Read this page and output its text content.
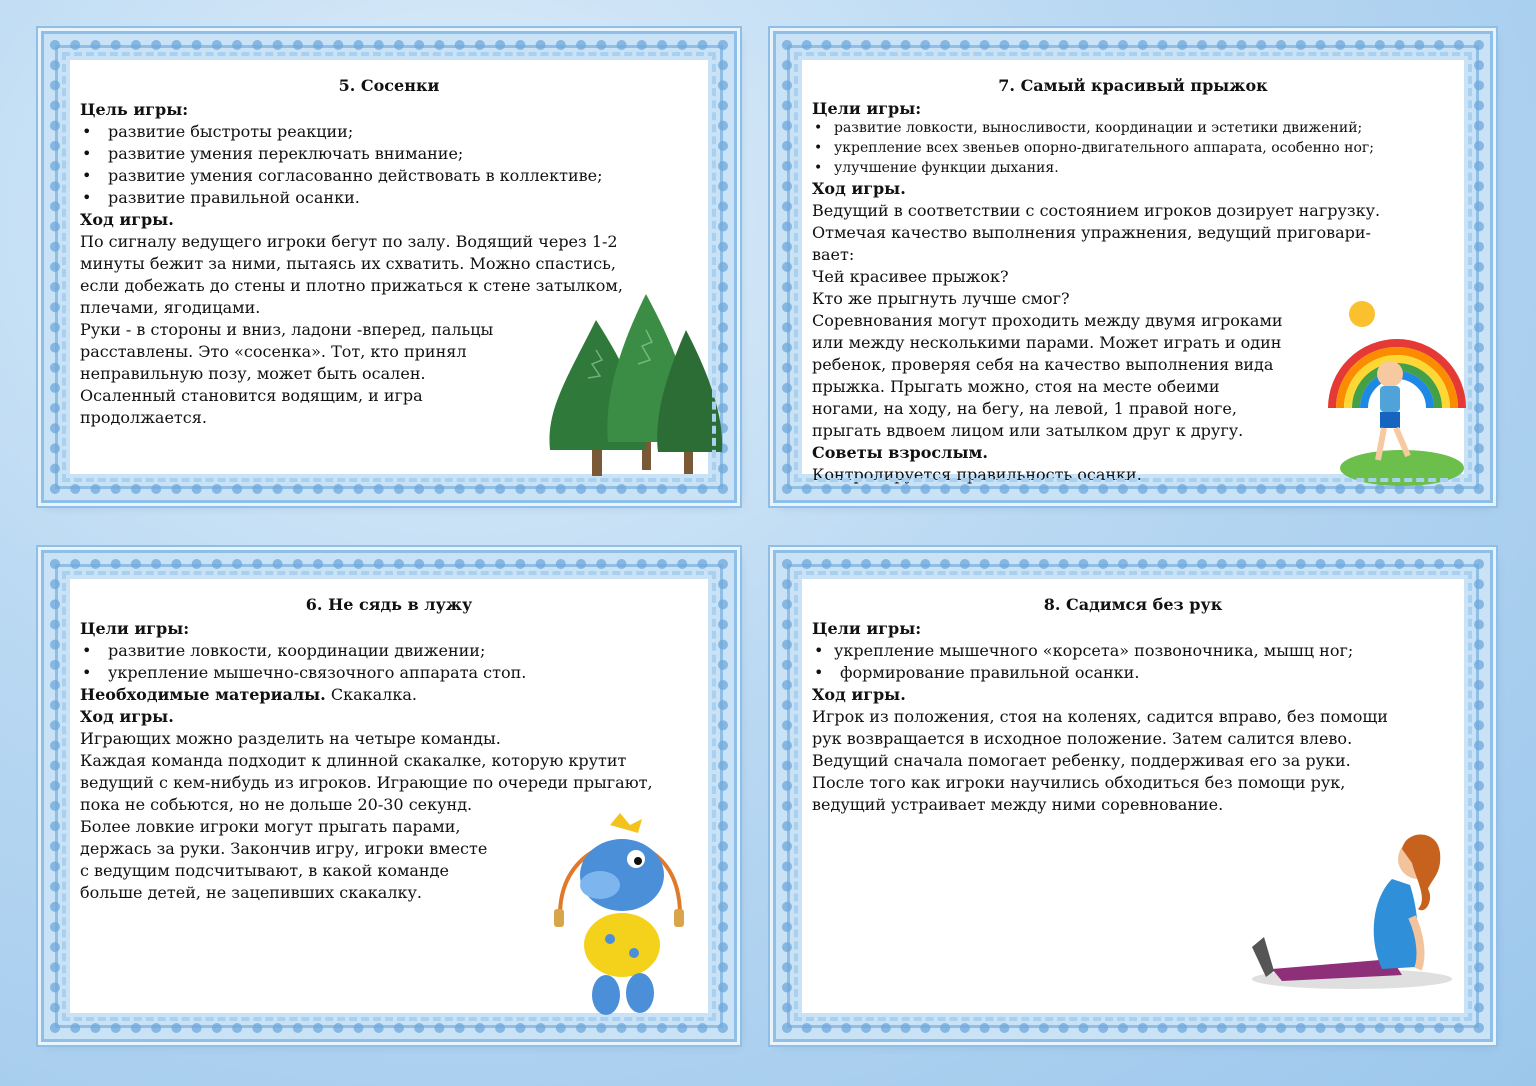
5. Сосенки
Цель игры:
• развитие быстроты реакции;
• развитие умения переключать внимание;
• развитие умения согласованно действовать в коллективе;
• развитие правильной осанки.
Ход игры.

По сигналу ведущего игроки бегут по залу. Водящий через 1-2

минуты бежит за ними, пытаясь их схватить. Можно спастись,

если добежать до стены и плотно прижаться к стене затылком,

плечами, ягодицами.

Руки - в стороны и вниз, ладони -вперед, пальцы

расставлены. Это «сосенка». Тот, кто принял

неправильную позу, может быть осален.

Осаленный становится водящим, и игра

продолжается.

7. Самый красивый прыжок
Цели игры:
• развитие ловкости, выносливости, координации и эстетики движений;
• укрепление всех звеньев опорно-двигательного аппарата, особенно ног;
• улучшение функции дыхания.
Ход игры.

Ведущий в соответствии с состоянием игроков дозирует нагрузку.

Отмечая качество выполнения упражнения, ведущий приговари-

вает:

Чей красивее прыжок?

Кто же прыгнуть лучше смог?

Соревнования могут проходить между двумя игроками

или между несколькими парами. Может играть и один

ребенок, проверяя себя на качество выполнения вида

прыжка. Прыгать можно, стоя на месте обеими

ногами, на ходу, на бегу, на левой, 1 правой ноге,

прыгать вдвоем лицом или затылком друг к другу.

Советы взрослым.

Контролируется правильность осанки.

6. Не сядь в лужу
Цели игры:
• развитие ловкости, координации движении;
• укрепление мышечно-связочного аппарата стоп.

Необходимые материалы. Скакалка.

Ход игры.

Играющих можно разделить на четыре команды.

Каждая команда подходит к длинной скакалке, которую крутит

ведущий с кем-нибудь из игроков. Играющие по очереди прыгают,

пока не собьются, но не дольше 20-30 секунд.

Более ловкие игроки могут прыгать парами,

держась за руки. Закончив игру, игроки вместе

с ведущим подсчитывают, в какой команде

больше детей, не зацепивших скакалку.

8. Садимся без рук
Цели игры:
• укрепление мышечного «корсета» позвоночника, мышц ног;
• формирование правильной осанки.
Ход игры.

Игрок из положения, стоя на коленях, садится вправо, без помощи

рук возвращается в исходное положение. Затем салится влево.

Ведущий сначала помогает ребенку, поддерживая его за руки.

После того как игроки научились обходиться без помощи рук,

ведущий устраивает между ними соревнование.
